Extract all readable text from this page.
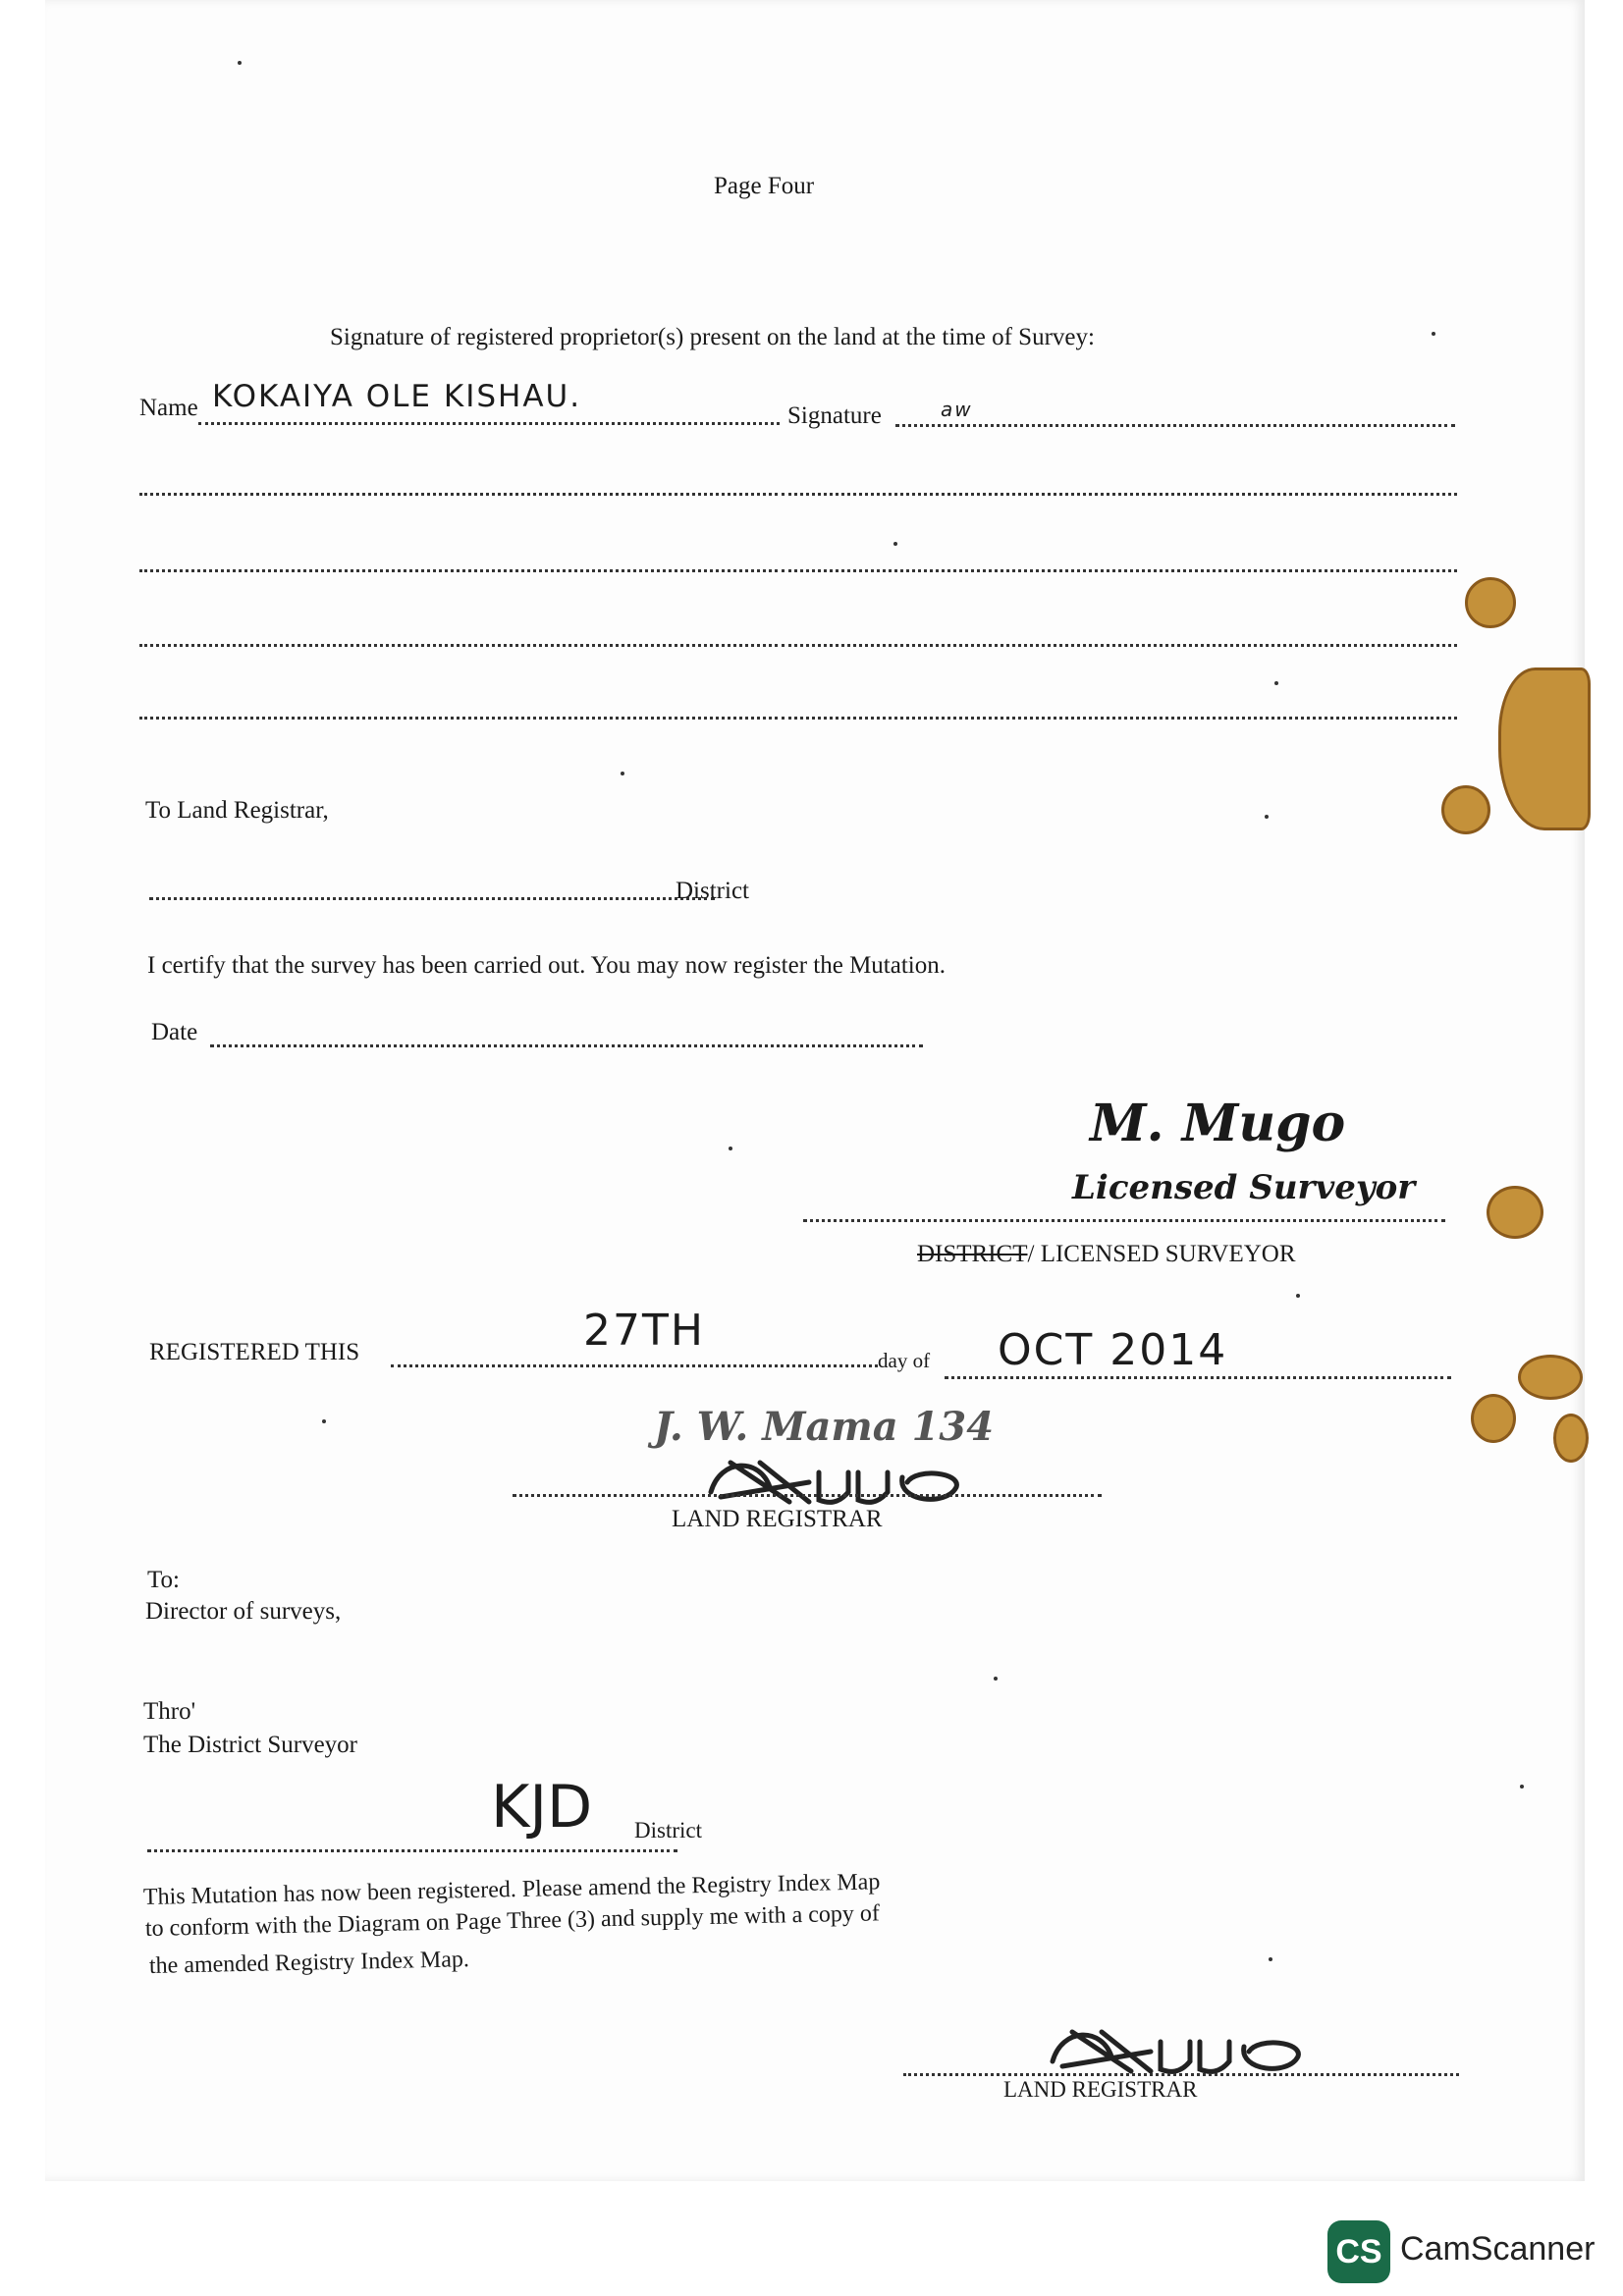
Page Four
Signature of registered proprietor(s) present on the land at the time of Survey:
Name KOKAIYA OLE KISHAU.
Signature	aw
To Land Registrar,
District
I certify that the survey has been carried out. You may now register the Mutation.
Date
M. Mugo
Licensed Surveyor
DISTRICT/ LICENSED SURVEYOR
REGISTERED THIS	27TH
day of OCT 2014
J. W. Mama 134
LAND REGISTRAR
To:
Director of surveys,
Thro'
The District Surveyor
KJD District
This Mutation has now been registered. Please amend the Registry Index Map
to conform with the Diagram on Page Three (3) and supply me with a copy of
the amended Registry Index Map.
LAND REGISTRAR
CS CamScanner
